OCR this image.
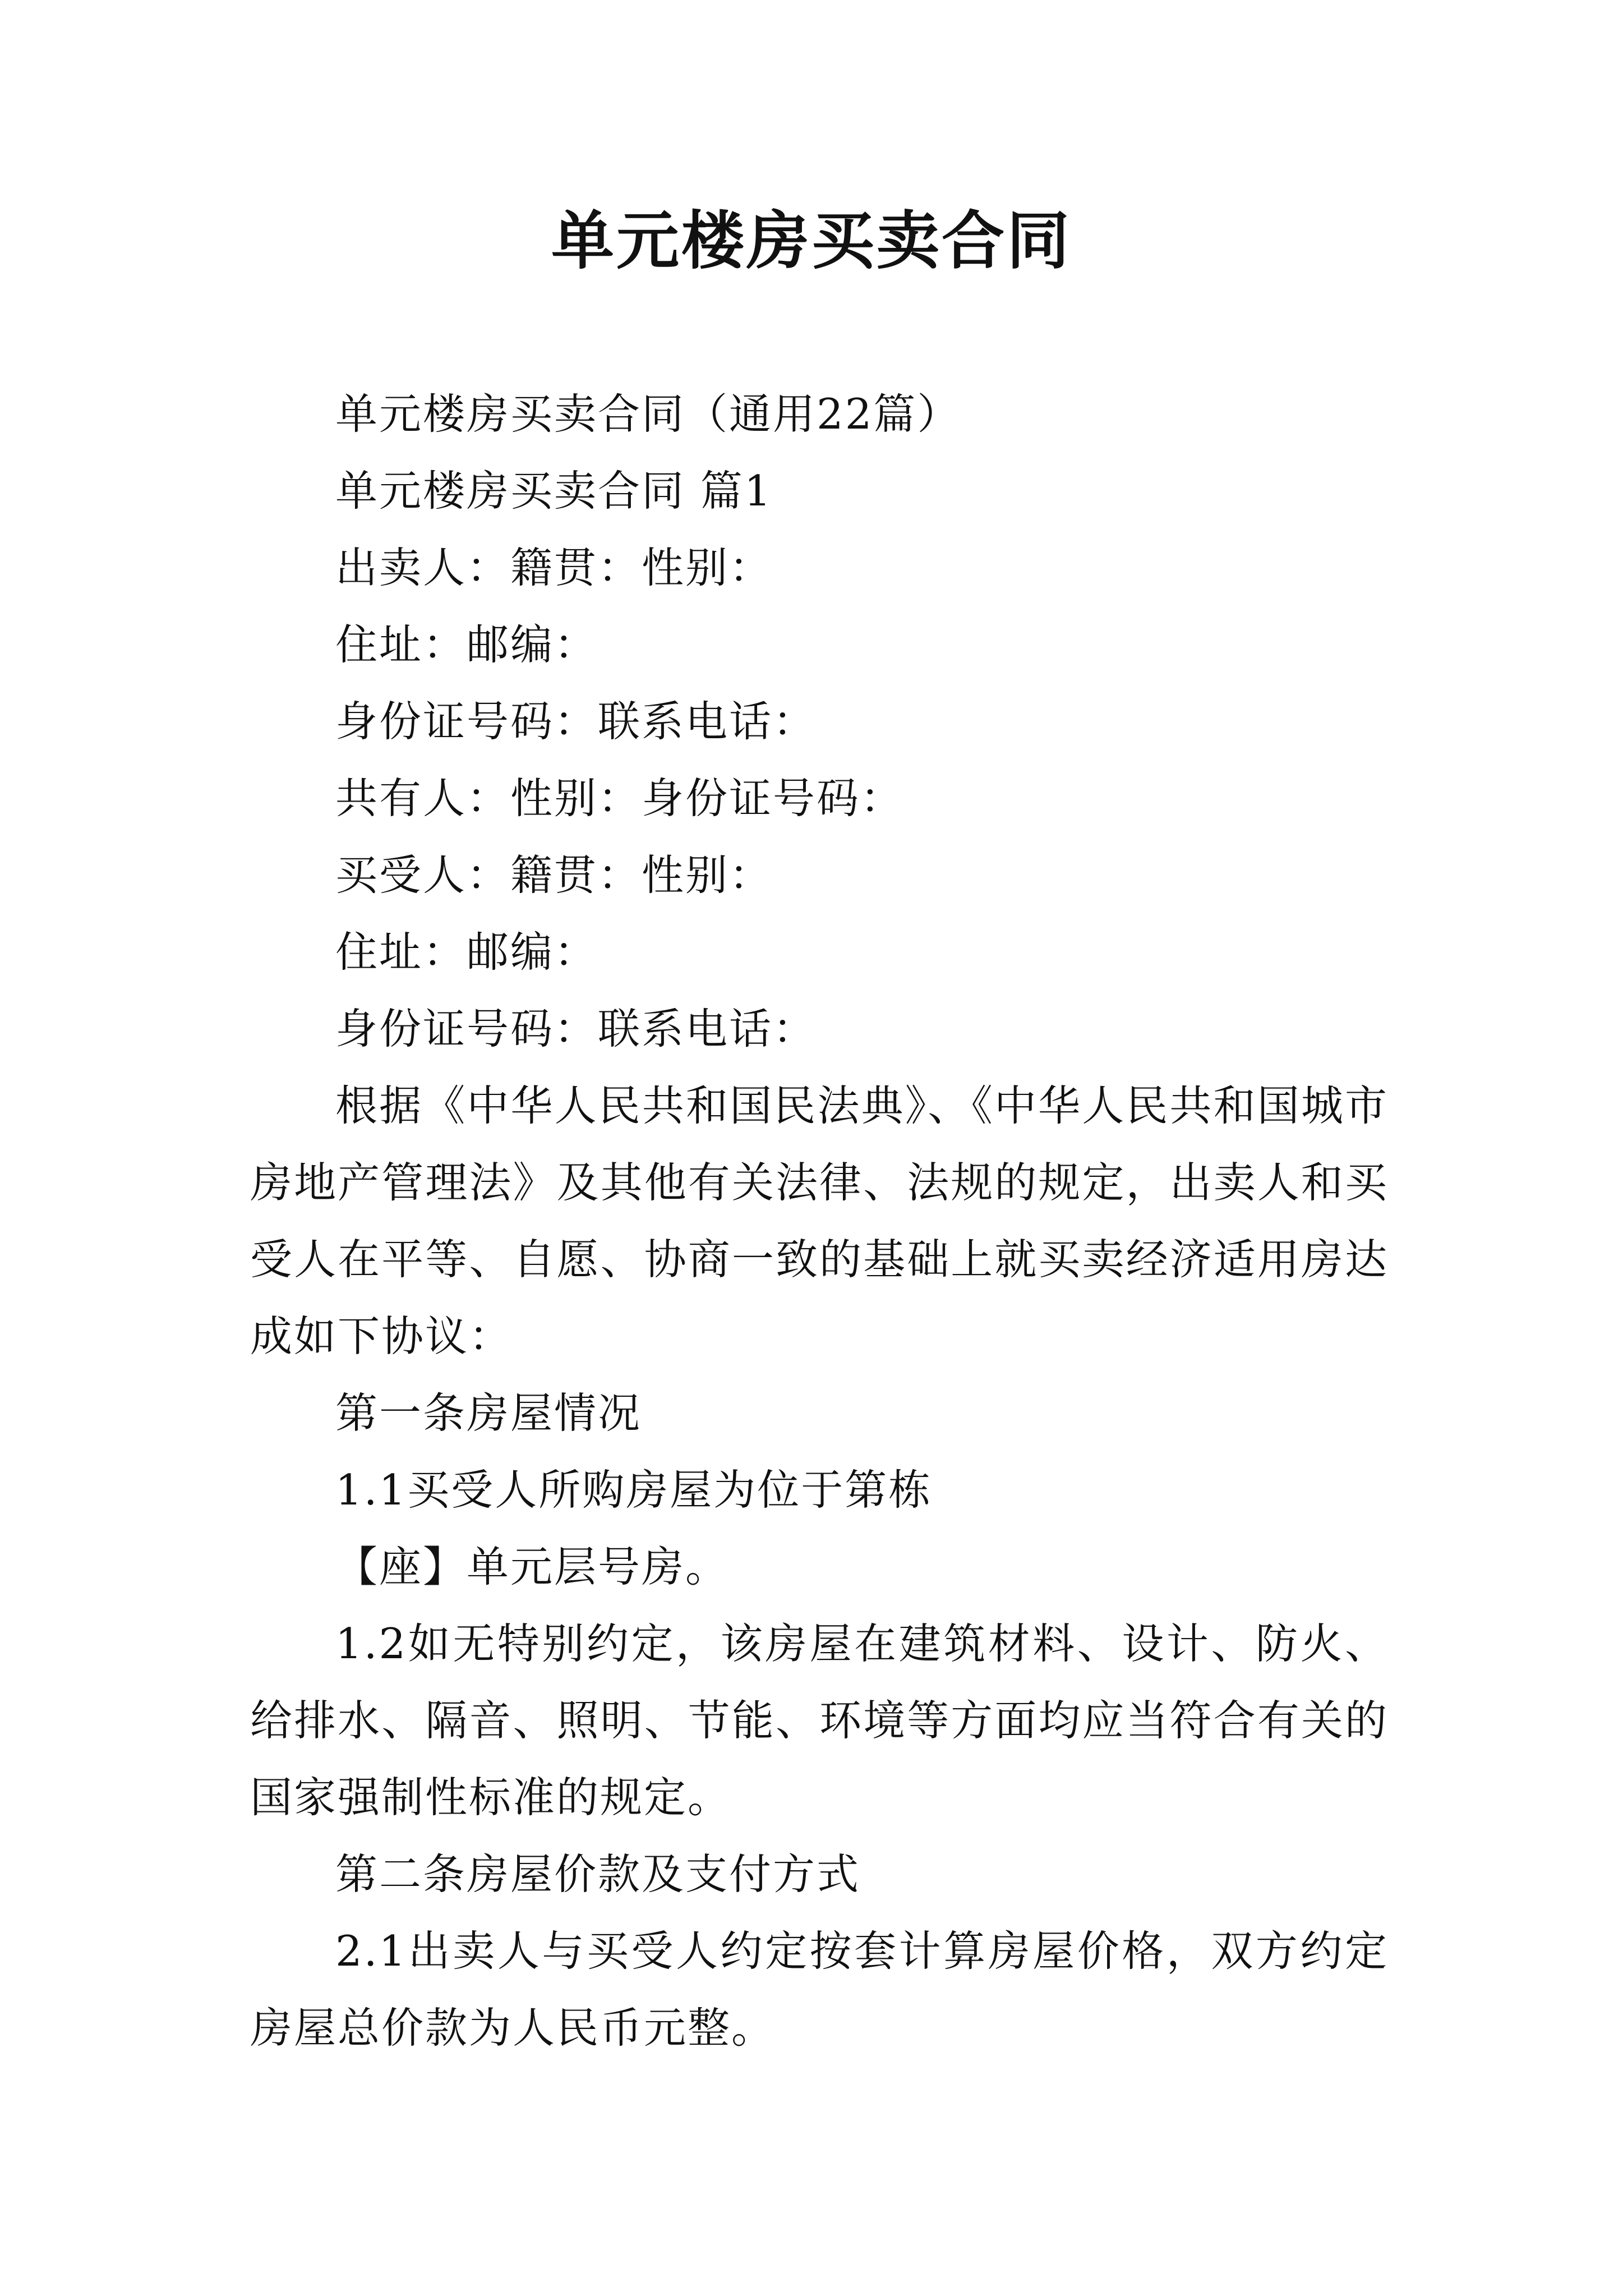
单元楼房买卖合同

单元楼房买卖合同（通用22篇）

单元楼房买卖合同 篇1

出卖人：籍贯：性别：

住址：邮编：

身份证号码：联系电话：

共有人：性别：身份证号码：

买受人：籍贯：性别：

住址：邮编：

身份证号码：联系电话：

根据《中华人民共和国民法典》、《中华人民共和国城市房地产管理法》及其他有关法律、法规的规定，出卖人和买受人在平等、自愿、协商一致的基础上就买卖经济适用房达成如下协议：

第一条房屋情况

1.1买受人所购房屋为位于第栋

【座】单元层号房。

1.2如无特别约定，该房屋在建筑材料、设计、防火、给排水、隔音、照明、节能、环境等方面均应当符合有关的国家强制性标准的规定。

第二条房屋价款及支付方式

2.1出卖人与买受人约定按套计算房屋价格，双方约定房屋总价款为人民币元整。
